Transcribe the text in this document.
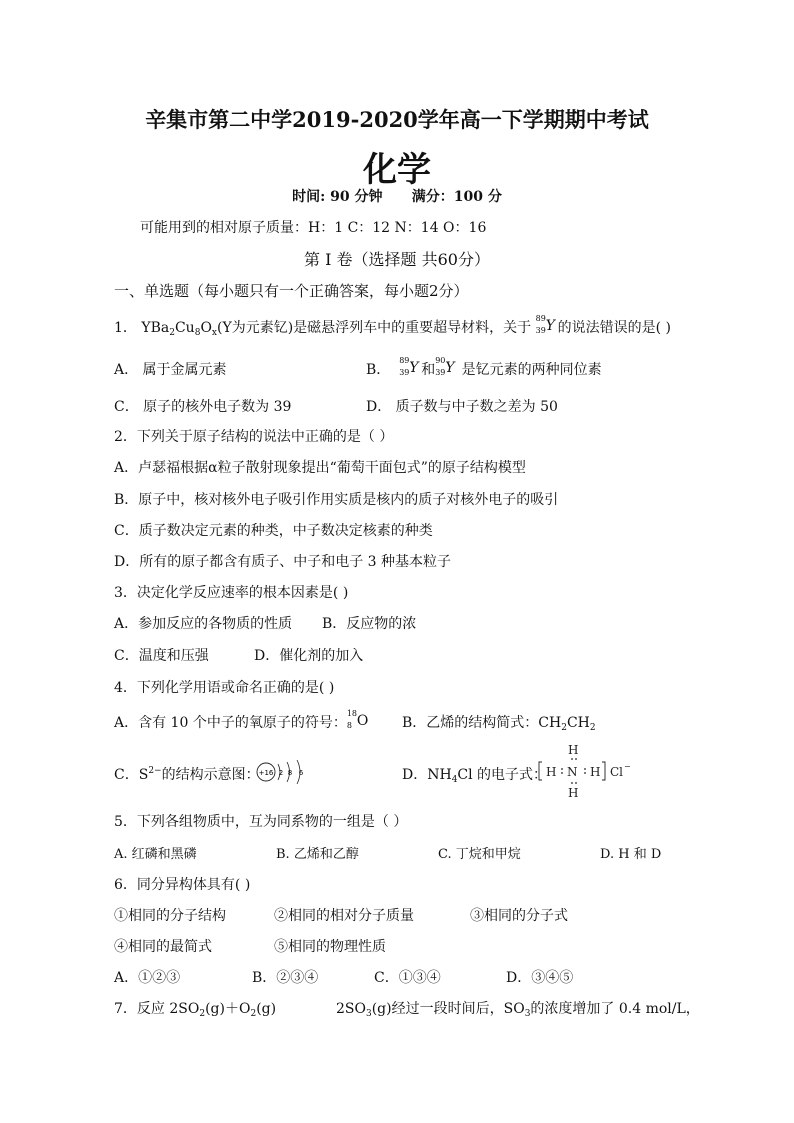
辛集市第二中学2019-2020学年高一下学期期中考试
化学
时间: 90 分钟 满分：100 分
可能用到的相对原子质量：H：1 C：12 N：14 O：16
第 I 卷（选择题 共60分）
一、单选题（每小题只有一个正确答案，每小题2分）
1． $YBa_2Cu_8O_x(Y$为元素钇)是磁悬浮列车中的重要超导材料，关于
89
39 Y 的说法错误的是( )
A． 属于金属元素	B．
89
39 Y 和
90
39 Y 是钇元素的两种同位素
C． 原子的核外电子数为 39	D． 质子数与中子数之差为 50
2．下列关于原子结构的说法中正确的是（ ）
A．卢瑟福根据α粒子散射现象提出“葡萄干面包式”的原子结构模型
B．原子中，核对核外电子吸引作用实质是核内的质子对核外电子的吸引
C．质子数决定元素的种类，中子数决定核素的种类
D．所有的原子都含有质子、中子和电子 3 种基本粒子
3．决定化学反应速率的根本因素是( )
A．参加反应的各物质的性质 B．反应物的浓
C．温度和压强	D．催化剂的加入
4．下列化学用语或命名正确的是( )
A．含有 10 个中子的氧原子的符号：
18
8 O B．乙烯的结构简式：$CH_2CH_2$
C．$S^{2-}$的结构示意图： +16 2 8 6	D．$NH_4Cl$ 的电子式：
H
H
H	H
N	Cl −
5．下列各组物质中，互为同系物的一组是（ ）
A. 红磷和黑磷	B. 乙烯和乙醇	C. 丁烷和甲烷	D. H 和 D
6．同分异构体具有( )
①相同的分子结构	②相同的相对分子质量	③相同的分子式
④相同的最简式	⑤相同的物理性质
A．①②③	B．②③④	C．①③④	D．③④⑤
7．反应 $2SO_2(g)+O_2(g)$	$2SO_3(g)$经过一段时间后，$SO_3$的浓度增加了 0.4 mol/L，
